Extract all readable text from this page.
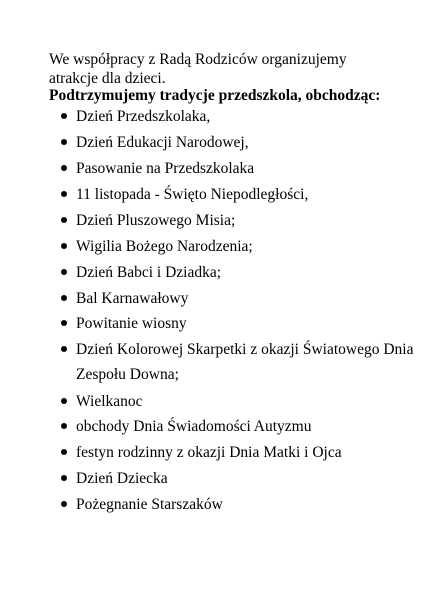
We współpracy z Radą Rodziców organizujemy atrakcje dla dzieci.

Podtrzymujemy tradycje przedszkola, obchodząc:

Dzień Przedszkolaka,
Dzień Edukacji Narodowej,
Pasowanie na Przedszkolaka
11 listopada - Święto Niepodległości,
Dzień Pluszowego Misia;
Wigilia Bożego Narodzenia;
Dzień Babci i Dziadka;
Bal Karnawałowy
Powitanie wiosny
Dzień Kolorowej Skarpetki z okazji Światowego Dnia
Zespołu Downa;
Wielkanoc
obchody Dnia Świadomości Autyzmu
festyn rodzinny z okazji Dnia Matki i Ojca
Dzień Dziecka
Pożegnanie Starszaków
